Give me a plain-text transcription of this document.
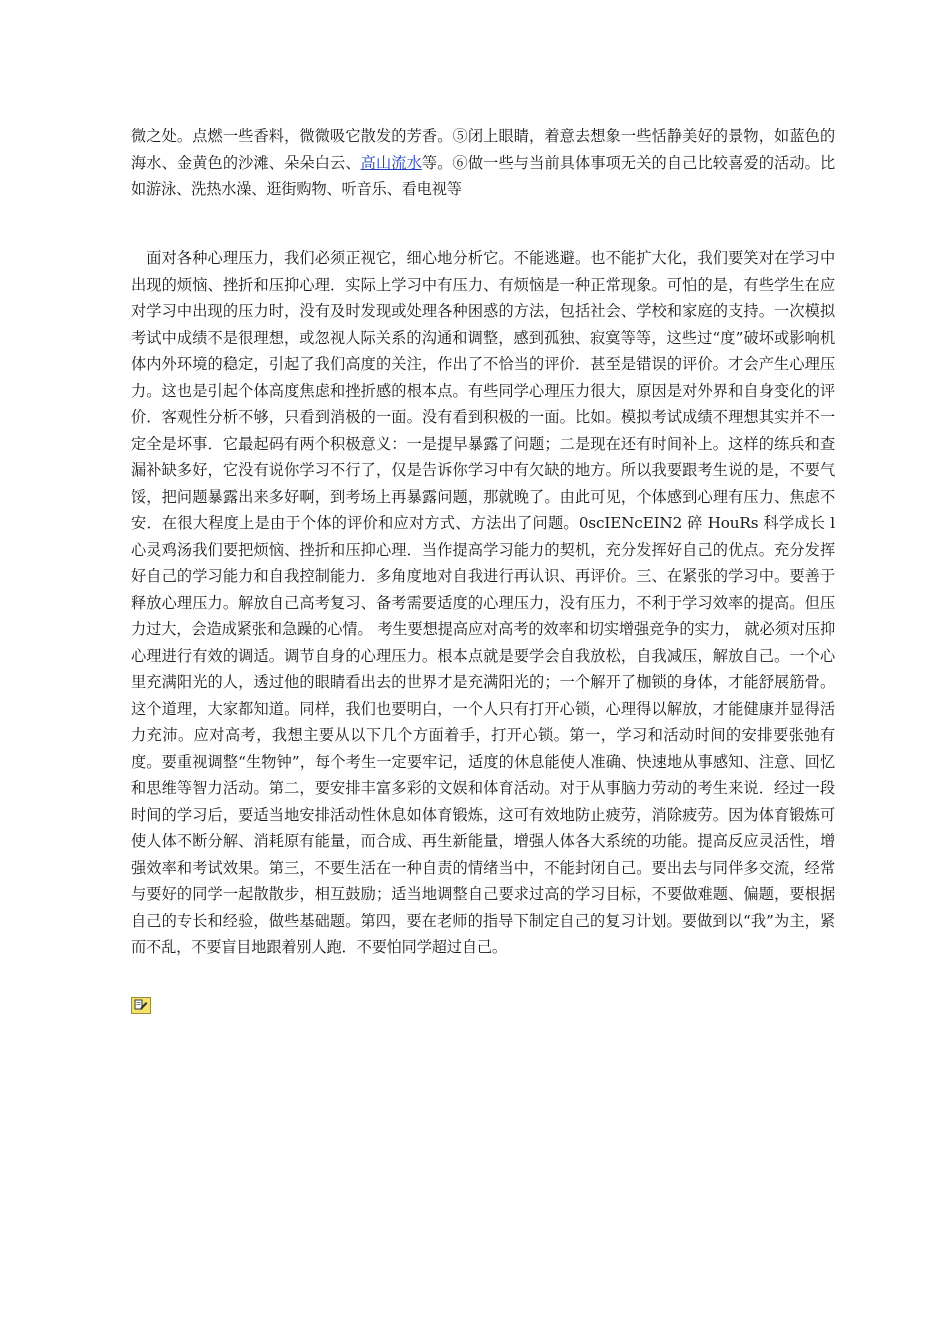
微之处。点燃一些香料，微微吸它散发的芳香。⑤闭上眼睛，着意去想象一些恬静美好的景物，如蓝色的海水、金黄色的沙滩、朵朵白云、高山流水等。⑥做一些与当前具体事项无关的自己比较喜爱的活动。比如游泳、洗热水澡、逛街购物、听音乐、看电视等

面对各种心理压力，我们必须正视它，细心地分析它。不能逃避。也不能扩大化，我们要笑对在学习中出现的烦恼、挫折和压抑心理．实际上学习中有压力、有烦恼是一种正常现象。可怕的是，有些学生在应对学习中出现的压力时，没有及时发现或处理各种困惑的方法，包括社会、学校和家庭的支持。一次模拟考试中成绩不是很理想，或忽视人际关系的沟通和调整，感到孤独、寂寞等等，这些过“度”破坏或影响机体内外环境的稳定，引起了我们高度的关注，作出了不恰当的评价．甚至是错误的评价。才会产生心理压力。这也是引起个体高度焦虑和挫折感的根本点。有些同学心理压力很大，原因是对外界和自身变化的评价．客观性分析不够，只看到消极的一面。没有看到积极的一面。比如。模拟考试成绩不理想其实并不一定全是坏事．它最起码有两个积极意义：一是提早暴露了问题；二是现在还有时间补上。这样的练兵和查漏补缺多好，它没有说你学习不行了，仅是告诉你学习中有欠缺的地方。所以我要跟考生说的是，不要气馁，把问题暴露出来多好啊，到考场上再暴露问题，那就晚了。由此可见，个体感到心理有压力、焦虑不安．在很大程度上是由于个体的评价和应对方式、方法出了问题。0scIENcEIN2 碎 HouRs 科学成长 l 心灵鸡汤我们要把烦恼、挫折和压抑心理．当作提高学习能力的契机，充分发挥好自己的优点。充分发挥好自己的学习能力和自我控制能力．多角度地对自我进行再认识、再评价。三、在紧张的学习中。要善于释放心理压力。解放自己高考复习、备考需要适度的心理压力，没有压力，不利于学习效率的提高。但压力过大，会造成紧张和急躁的心情。 考生要想提高应对高考的效率和切实增强竞争的实力， 就必须对压抑心理进行有效的调适。调节自身的心理压力。根本点就是要学会自我放松，自我减压，解放自己。一个心里充满阳光的人，透过他的眼睛看出去的世界才是充满阳光的；一个解开了枷锁的身体，才能舒展筋骨。这个道理，大家都知道。同样，我们也要明白，一个人只有打开心锁，心理得以解放，才能健康并显得活力充沛。应对高考，我想主要从以下几个方面着手，打开心锁。第一，学习和活动时间的安排要张弛有度。要重视调整“生物钟”，每个考生一定要牢记，适度的休息能使人准确、快速地从事感知、注意、回忆和思维等智力活动。第二，要安排丰富多彩的文娱和体育活动。对于从事脑力劳动的考生来说．经过一段时间的学习后，要适当地安排活动性休息如体育锻炼，这可有效地防止疲劳，消除疲劳。因为体育锻炼可使人体不断分解、消耗原有能量，而合成、再生新能量，增强人体各大系统的功能。提高反应灵活性，增强效率和考试效果。第三，不要生活在一种自责的情绪当中，不能封闭自己。要出去与同伴多交流，经常与要好的同学一起散散步，相互鼓励；适当地调整自己要求过高的学习目标，不要做难题、偏题，要根据自己的专长和经验，做些基础题。第四，要在老师的指导下制定自己的复习计划。要做到以“我”为主，紧而不乱，不要盲目地跟着别人跑．不要怕同学超过自己。
